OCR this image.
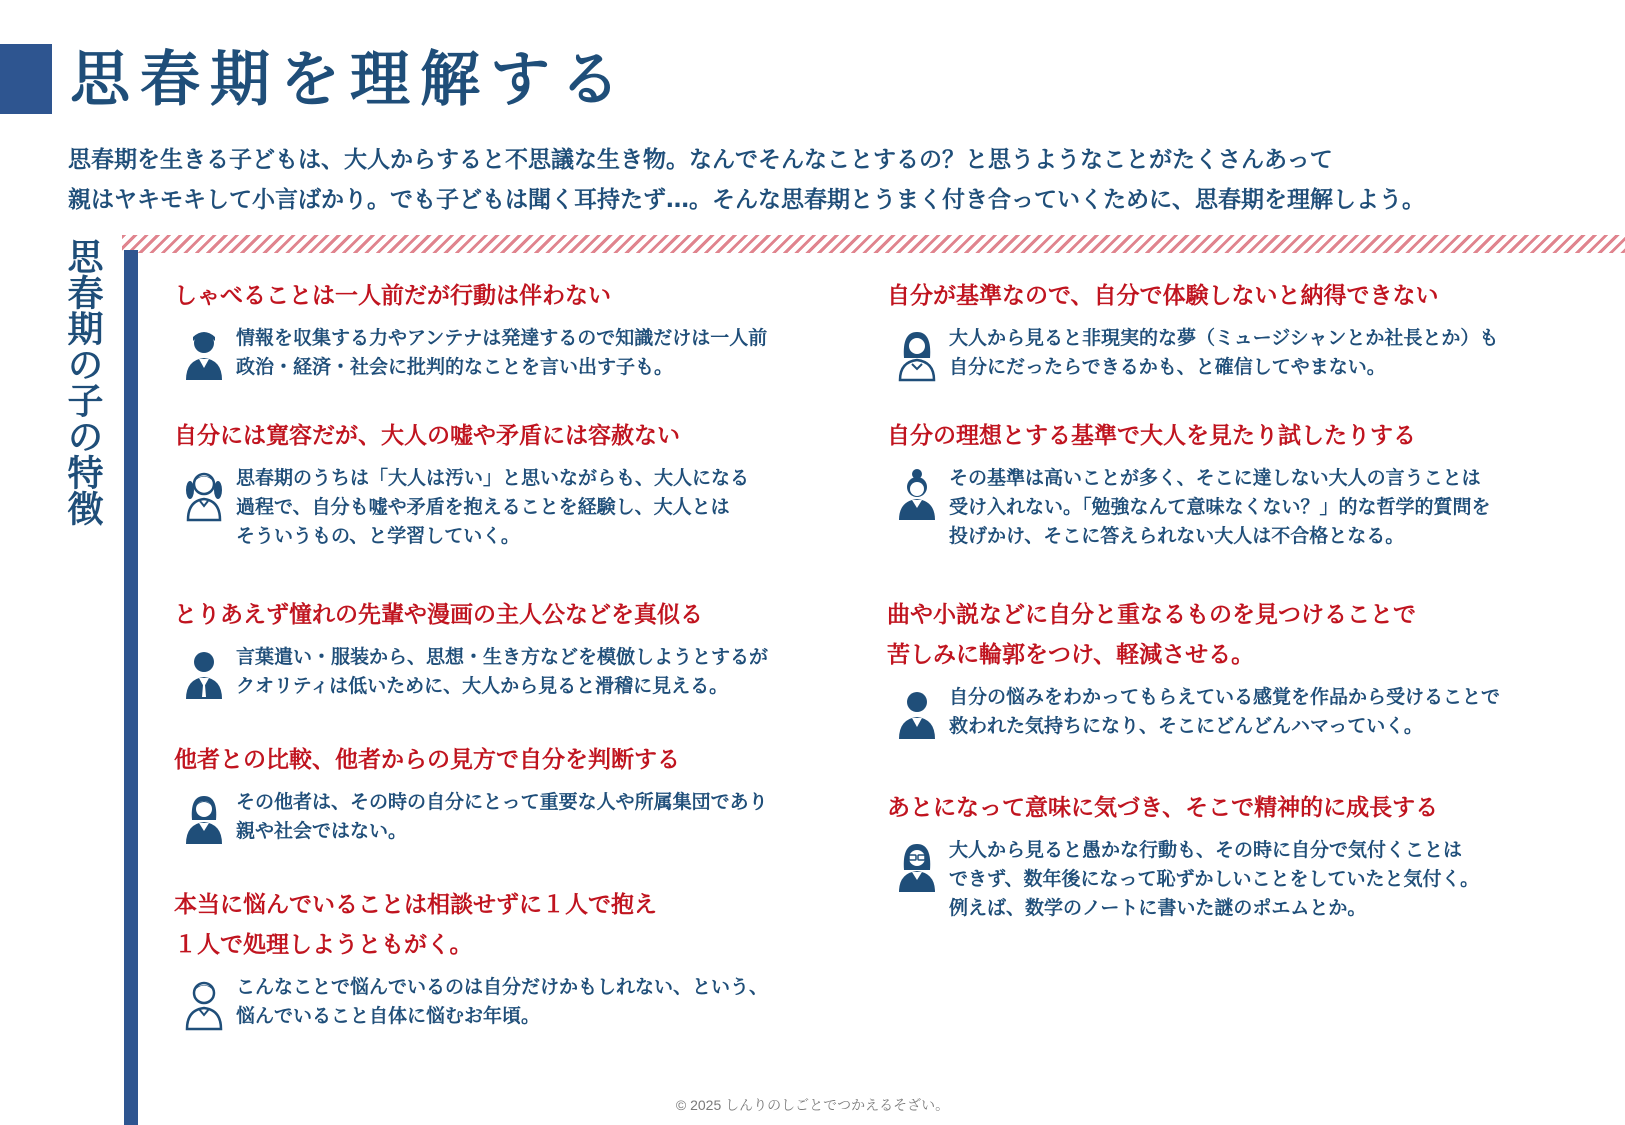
思春期を理解する
思春期を生きる子どもは、大人からすると不思議な生き物。なんでそんなことするの？と思うようなことがたくさんあって
親はヤキモキして小言ばかり。でも子どもは聞く耳持たず…。そんな思春期とうまく付き合っていくために、思春期を理解しよう。
思春期の子の特徴	しゃべることは一人前だが行動は伴わない
情報を収集する力やアンテナは発達するので知識だけは一人前
政治・経済・社会に批判的なことを言い出す子も。
自分には寛容だが、大人の嘘や矛盾には容赦ない
思春期のうちは「大人は汚い」と思いながらも、大人になる
過程で、自分も嘘や矛盾を抱えることを経験し、大人とは
そういうもの、と学習していく。
とりあえず憧れの先輩や漫画の主人公などを真似る
言葉遣い・服装から、思想・生き方などを模倣しようとするが
クオリティは低いために、大人から見ると滑稽に見える。
他者との比較、他者からの見方で自分を判断する
その他者は、その時の自分にとって重要な人や所属集団であり
親や社会ではない。
本当に悩んでいることは相談せずに１人で抱え
１人で処理しようともがく。
こんなことで悩んでいるのは自分だけかもしれない、という、
悩んでいること自体に悩むお年頃。
自分が基準なので、自分で体験しないと納得できない
大人から見ると非現実的な夢（ミュージシャンとか社長とか）も
自分にだったらできるかも、と確信してやまない。
自分の理想とする基準で大人を見たり試したりする
その基準は高いことが多く、そこに達しない大人の言うことは
受け入れない。「勉強なんて意味なくない？」的な哲学的質問を
投げかけ、そこに答えられない大人は不合格となる。
曲や小説などに自分と重なるものを見つけることで
苦しみに輪郭をつけ、軽減させる。
自分の悩みをわかってもらえている感覚を作品から受けることで
救われた気持ちになり、そこにどんどんハマっていく。
あとになって意味に気づき、そこで精神的に成長する
大人から見ると愚かな行動も、その時に自分で気付くことは
できず、数年後になって恥ずかしいことをしていたと気付く。
例えば、数学のノートに書いた謎のポエムとか。
© 2025 しんりのしごとでつかえるそざい。
